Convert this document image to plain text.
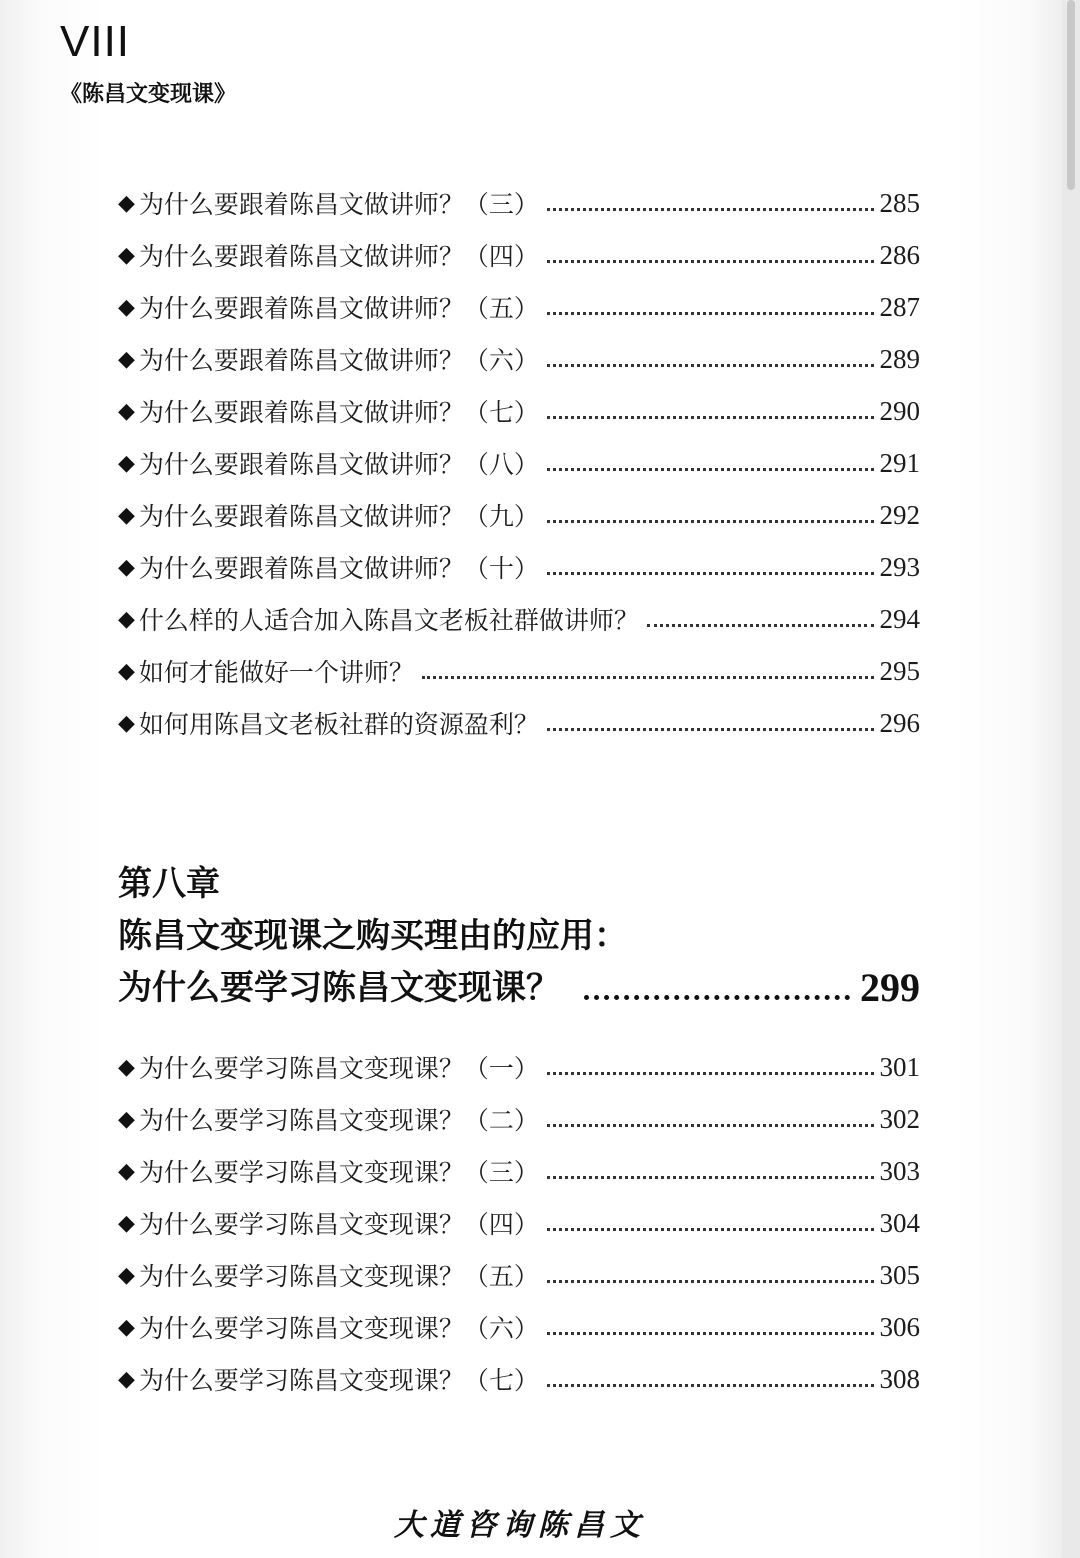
VIII
《陈昌文变现课》
◆ 为什么要跟着陈昌文做讲师？（三）	285
◆ 为什么要跟着陈昌文做讲师？（四）	286
◆ 为什么要跟着陈昌文做讲师？（五）	287
◆ 为什么要跟着陈昌文做讲师？（六）	289
◆ 为什么要跟着陈昌文做讲师？（七）	290
◆ 为什么要跟着陈昌文做讲师？（八）	291
◆ 为什么要跟着陈昌文做讲师？（九）	292
◆ 为什么要跟着陈昌文做讲师？（十）	293
◆ 什么样的人适合加入陈昌文老板社群做讲师？	294
◆ 如何才能做好一个讲师？	295
◆ 如何用陈昌文老板社群的资源盈利？	296
第八章
陈昌文变现课之购买理由的应用：
为什么要学习陈昌文变现课？	299
◆ 为什么要学习陈昌文变现课？（一）	301
◆ 为什么要学习陈昌文变现课？（二）	302
◆ 为什么要学习陈昌文变现课？（三）	303
◆ 为什么要学习陈昌文变现课？（四）	304
◆ 为什么要学习陈昌文变现课？（五）	305
◆ 为什么要学习陈昌文变现课？（六）	306
◆ 为什么要学习陈昌文变现课？（七）	308
大道咨询陈昌文
